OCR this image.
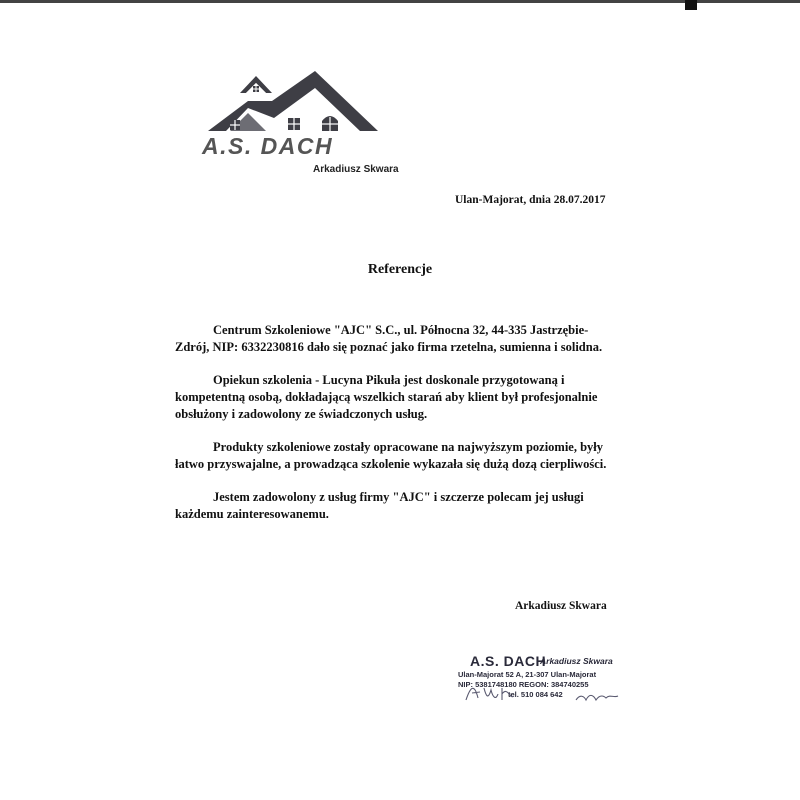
A.S. DACH
Arkadiusz Skwara
Ulan-Majorat, dnia 28.07.2017
Referencje

Centrum Szkoleniowe "AJC" S.C., ul. Północna 32, 44-335 Jastrzębie-Zdrój, NIP: 6332230816 dało się poznać jako firma rzetelna, sumienna i solidna.

Opiekun szkolenia - Lucyna Pikuła jest doskonale przygotowaną i kompetentną osobą, dokładającą wszelkich starań aby klient był profesjonalnie obsłużony i zadowolony ze świadczonych usług.

Produkty szkoleniowe zostały opracowane na najwyższym poziomie, były łatwo przyswajalne, a prowadząca szkolenie wykazała się dużą dozą cierpliwości.

Jestem zadowolony z usług firmy "AJC" i szczerze polecam jej usługi każdemu zainteresowanemu.

Arkadiusz Skwara
A.S. DACH
Arkadiusz Skwara
Ulan-Majorat 52 A, 21-307 Ulan-Majorat
NIP: 5381748180 REGON: 384740255
tel. 510 084 642
